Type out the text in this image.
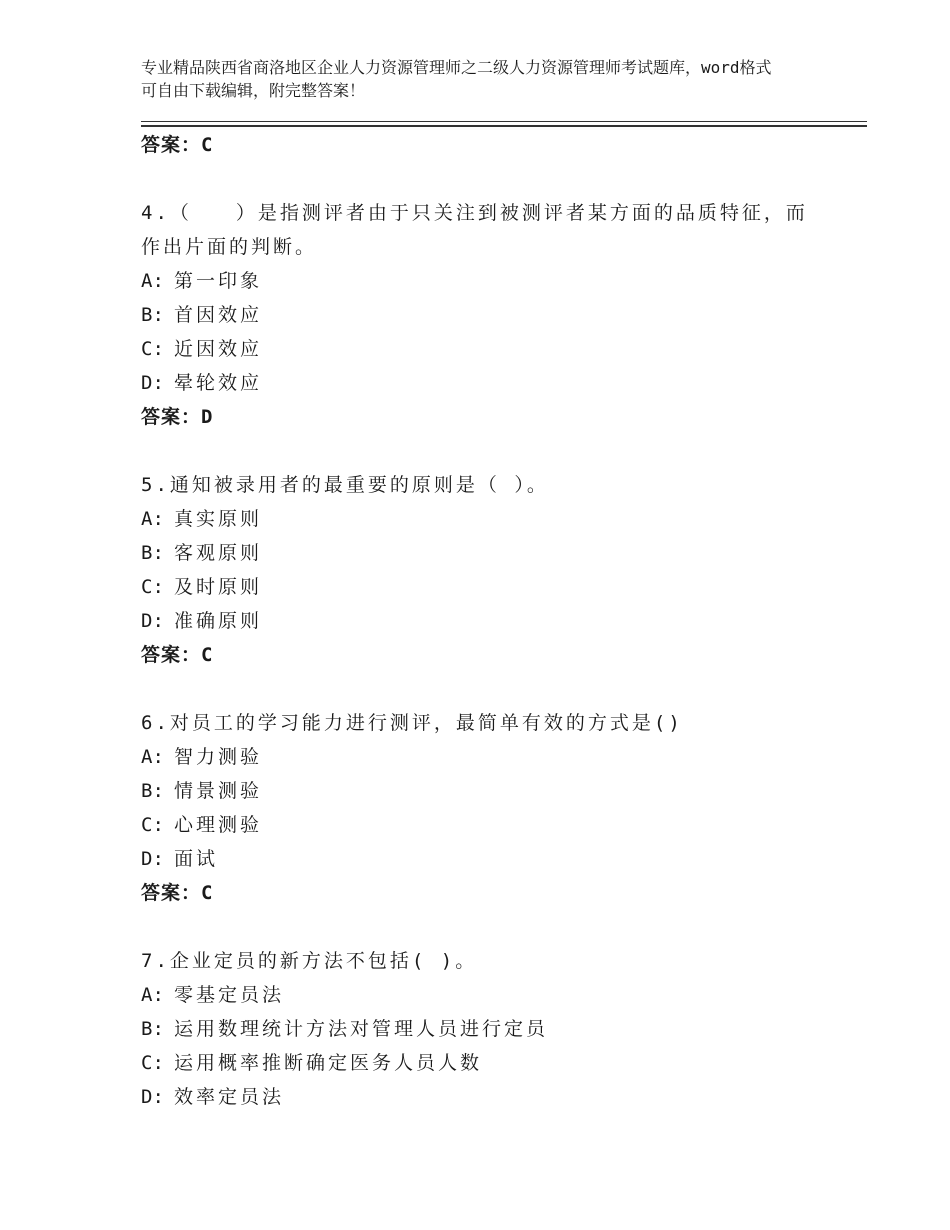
专业精品陕西省商洛地区企业人力资源管理师之二级人力资源管理师考试题库，word格式可自由下载编辑，附完整答案！
答案：C
4.（　　）是指测评者由于只关注到被测评者某方面的品质特征，而作出片面的判断。
A: 第一印象
B: 首因效应
C: 近因效应
D: 晕轮效应
答案：D
5.通知被录用者的最重要的原则是（ ）。
A: 真实原则
B: 客观原则
C: 及时原则
D: 准确原则
答案：C
6.对员工的学习能力进行测评，最简单有效的方式是()
A: 智力测验
B: 情景测验
C: 心理测验
D: 面试
答案：C
7.企业定员的新方法不包括( )。
A: 零基定员法
B: 运用数理统计方法对管理人员进行定员
C: 运用概率推断确定医务人员人数
D: 效率定员法
